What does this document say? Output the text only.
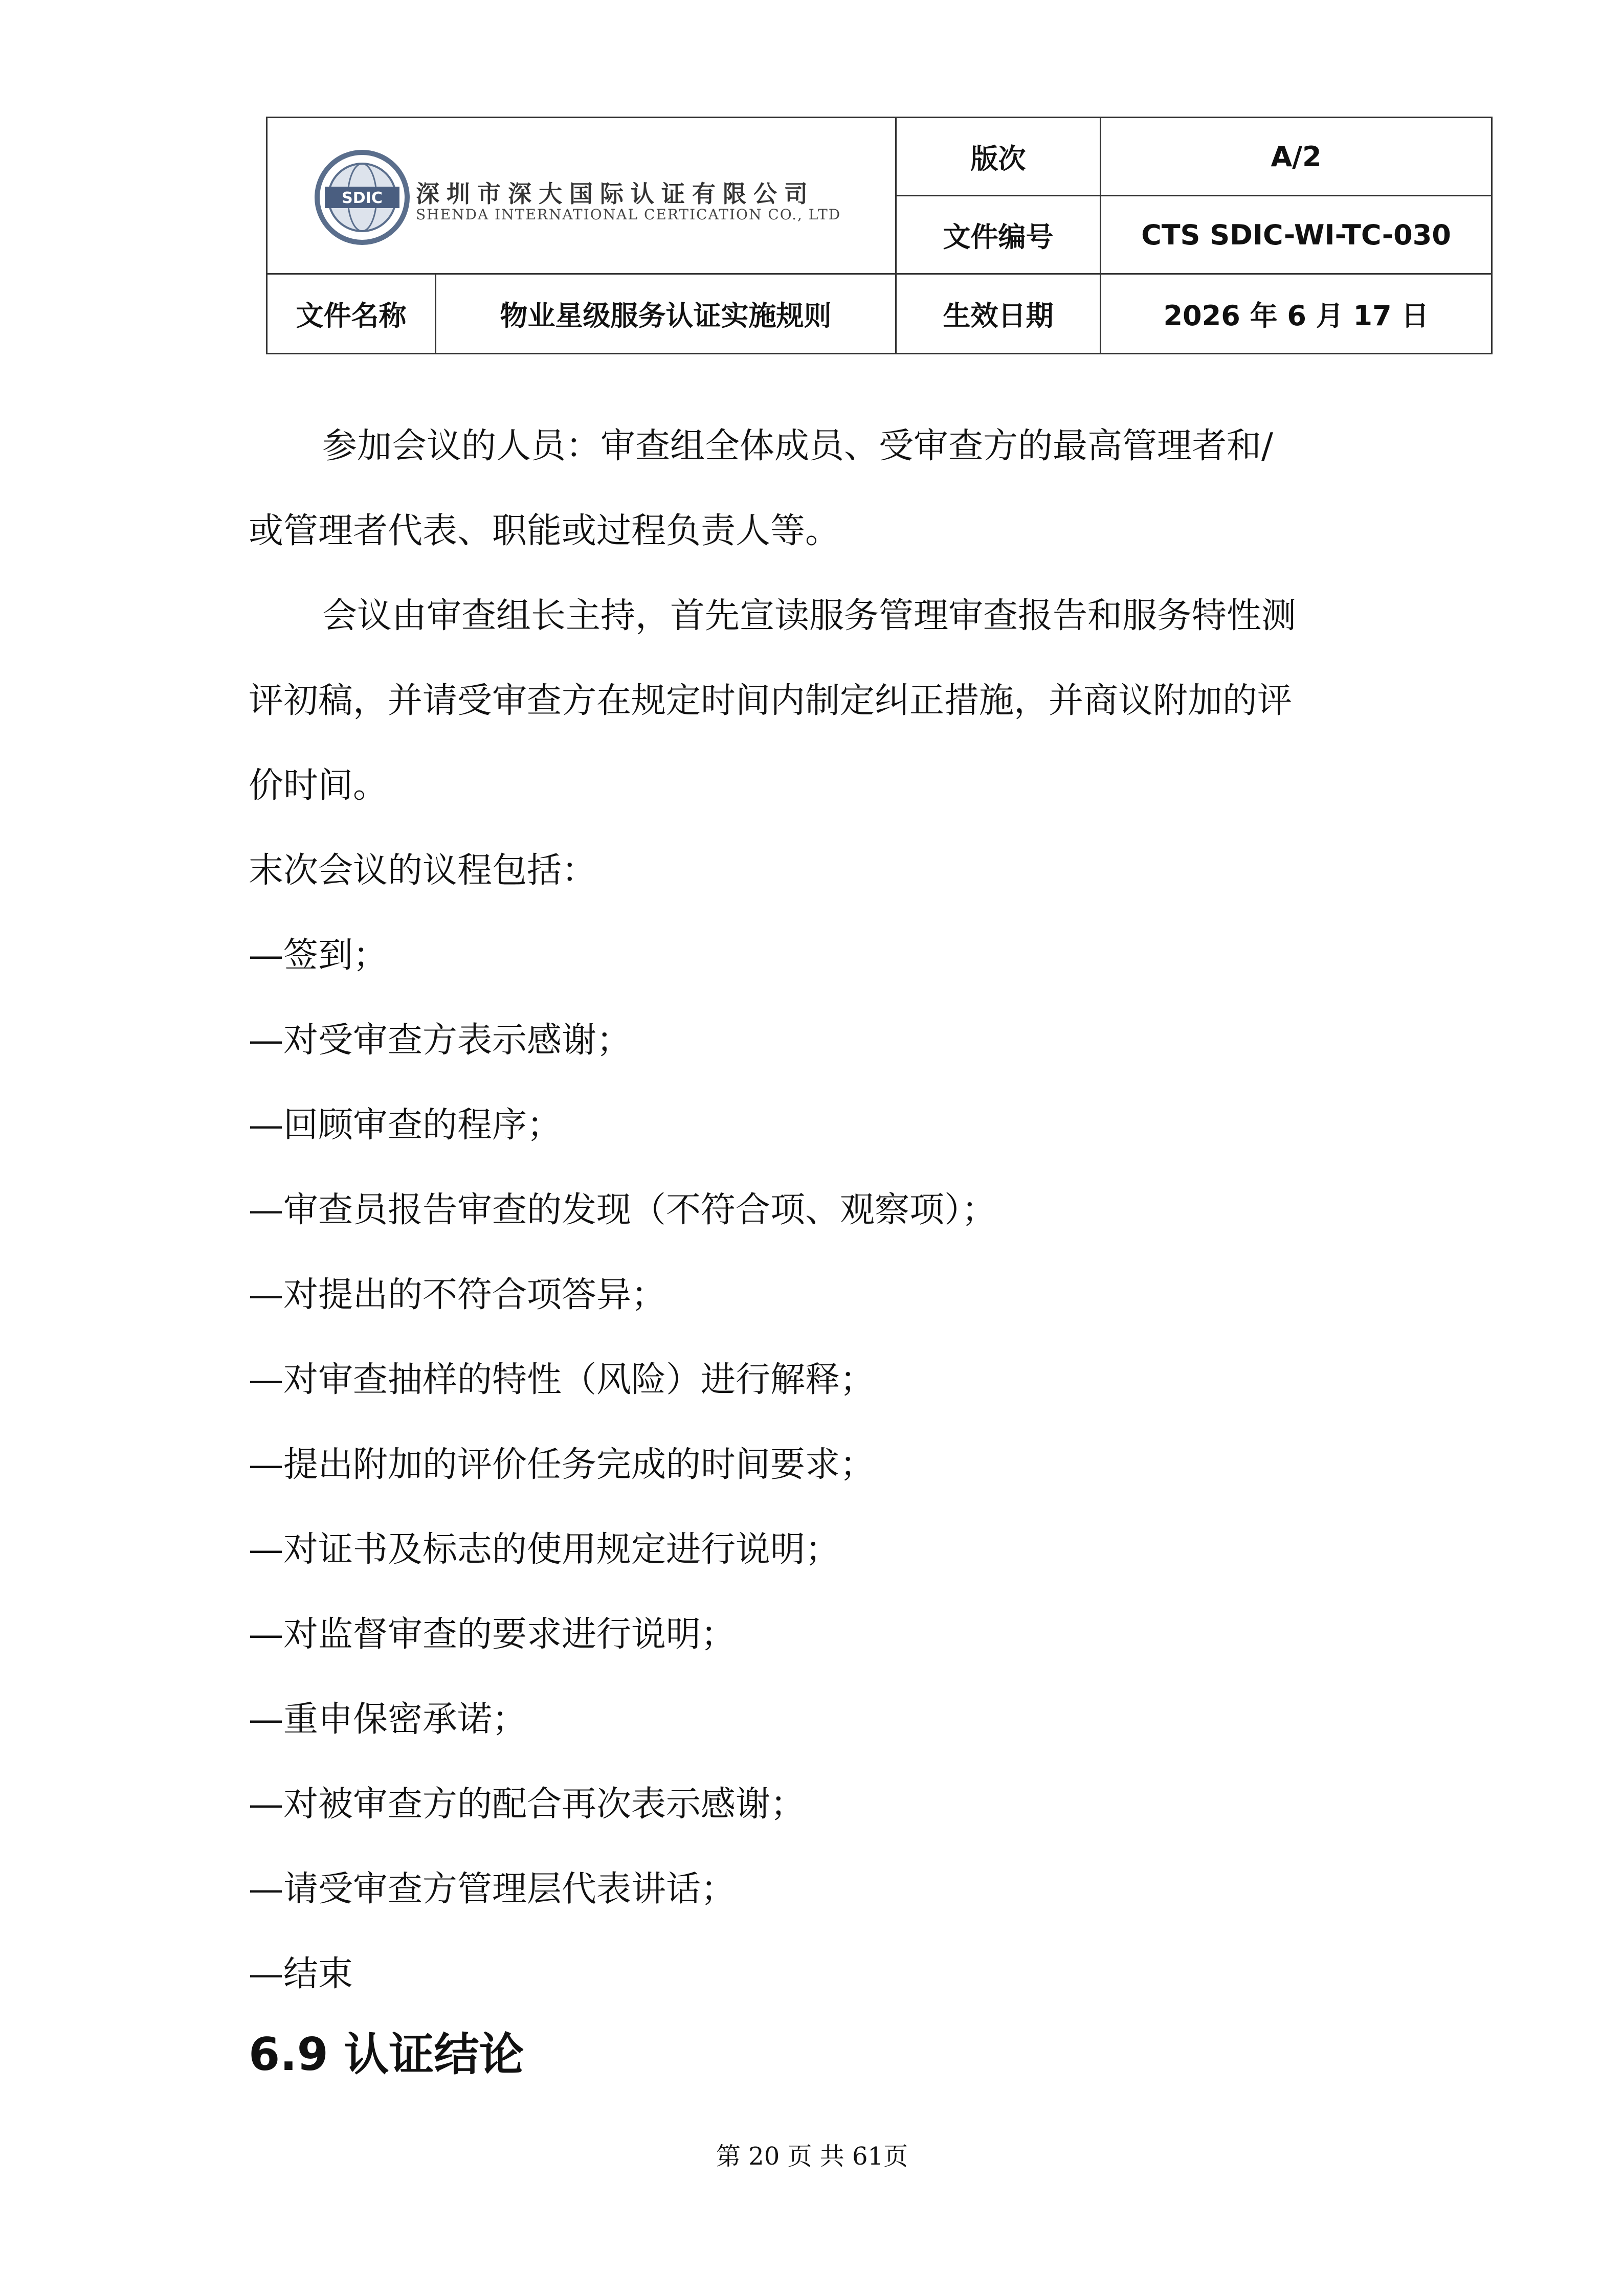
SDIC 深圳市深大国际认证有限公司
SHENDA INTERNATIONAL CERTICATION CO., LTD		版次	A/2
		文件编号	CTS SDIC-WI-TC-030
文件名称	物业星级服务认证实施规则	生效日期	2026 年 6 月 17 日
参加会议的人员：审查组全体成员、受审查方的最高管理者和/
或管理者代表、职能或过程负责人等。
会议由审查组长主持，首先宣读服务管理审查报告和服务特性测
评初稿，并请受审查方在规定时间内制定纠正措施，并商议附加的评
价时间。
末次会议的议程包括：
—签到；
—对受审查方表示感谢；
—回顾审查的程序；
—审查员报告审查的发现（不符合项、观察项）；
—对提出的不符合项答异；
—对审查抽样的特性（风险）进行解释；
—提出附加的评价任务完成的时间要求；
—对证书及标志的使用规定进行说明；
—对监督审查的要求进行说明；
—重申保密承诺；
—对被审查方的配合再次表示感谢；
—请受审查方管理层代表讲话；
—结束
6.9 认证结论
第 20 页 共 61页
